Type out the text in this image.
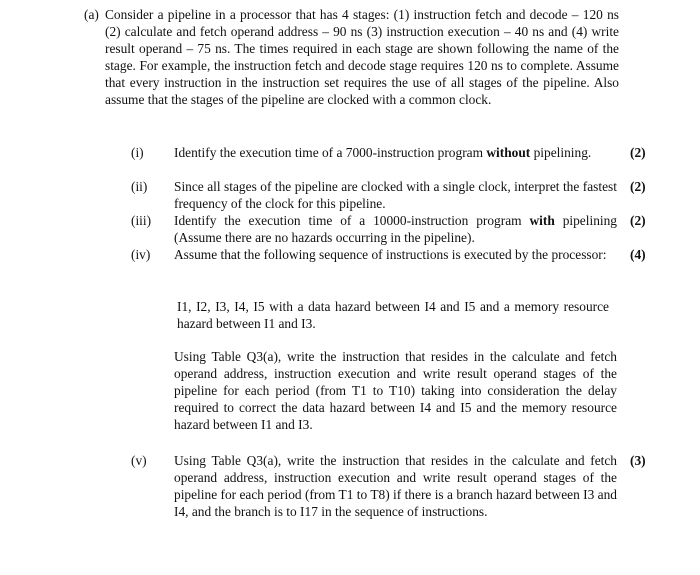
(a) Consider a pipeline in a processor that has 4 stages: (1) instruction fetch and decode – 120 ns (2) calculate and fetch operand address – 90 ns (3) instruction execution – 40 ns and (4) write result operand – 75 ns. The times required in each stage are shown following the name of the stage. For example, the instruction fetch and decode stage requires 120 ns to complete. Assume that every instruction in the instruction set requires the use of all stages of the pipeline. Also assume that the stages of the pipeline are clocked with a common clock.
(i) Identify the execution time of a 7000-instruction program without pipelining.	(2)
(ii) Since all stages of the pipeline are clocked with a single clock, interpret the fastest frequency of the clock for this pipeline.
(2)
(iii) Identify the execution time of a 10000-instruction program with pipelining (Assume there are no hazards occurring in the pipeline).
(2)
(iv) Assume that the following sequence of instructions is executed by the processor:	(4)
I1, I2, I3, I4, I5 with a data hazard between I4 and I5 and a memory resource hazard between I1 and I3.
Using Table Q3(a), write the instruction that resides in the calculate and fetch operand address, instruction execution and write result operand stages of the pipeline for each period (from T1 to T10) taking into consideration the delay required to correct the data hazard between I4 and I5 and the memory resource hazard between I1 and I3.
(v) Using Table Q3(a), write the instruction that resides in the calculate and fetch operand address, instruction execution and write result operand stages of the pipeline for each period (from T1 to T8) if there is a branch hazard between I3 and I4, and the branch is to I17 in the sequence of instructions.
(3)
